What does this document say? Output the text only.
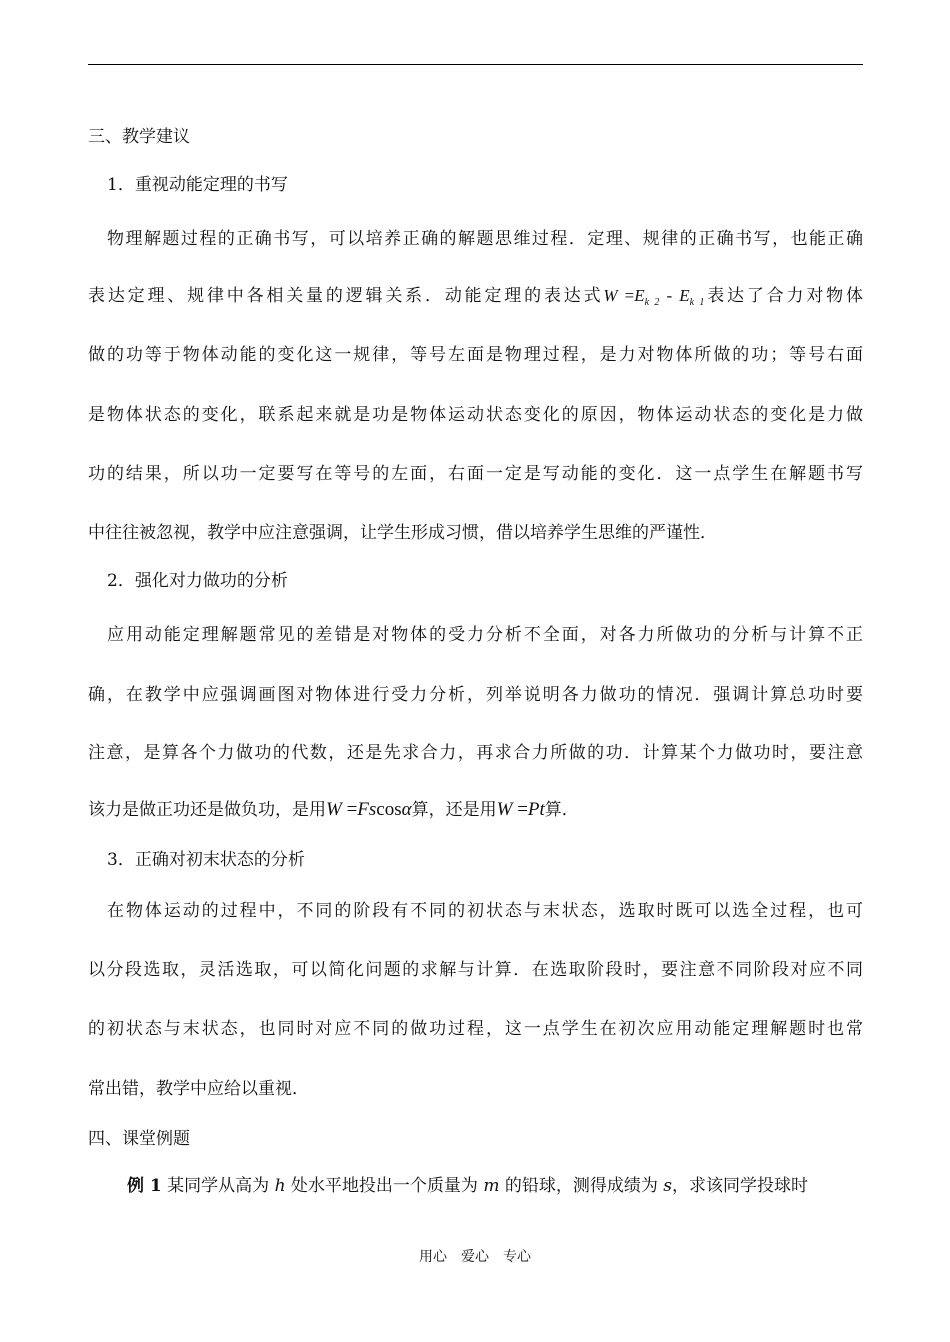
三、教学建议
1．重视动能定理的书写
物理解题过程的正确书写，可以培养正确的解题思维过程．定理、规律的正确书写，也能正确
表达定理、规律中各相关量的逻辑关系．动能定理的表达式$W =E_{k 2} - E_{k 1}$表达了合力对物体
做的功等于物体动能的变化这一规律，等号左面是物理过程，是力对物体所做的功；等号右面
是物体状态的变化，联系起来就是功是物体运动状态变化的原因，物体运动状态的变化是力做
功的结果，所以功一定要写在等号的左面，右面一定是写动能的变化．这一点学生在解题书写
中往往被忽视，教学中应注意强调，让学生形成习惯，借以培养学生思维的严谨性．
2．强化对力做功的分析
应用动能定理解题常见的差错是对物体的受力分析不全面，对各力所做功的分析与计算不正
确，在教学中应强调画图对物体进行受力分析，列举说明各力做功的情况．强调计算总功时要
注意，是算各个力做功的代数，还是先求合力，再求合力所做的功．计算某个力做功时，要注意
该力是做正功还是做负功，是用W =Fscosα算，还是用W =Pt算．
3．正确对初末状态的分析
在物体运动的过程中，不同的阶段有不同的初状态与末状态，选取时既可以选全过程，也可
以分段选取，灵活选取，可以简化问题的求解与计算．在选取阶段时，要注意不同阶段对应不同
的初状态与末状态，也同时对应不同的做功过程，这一点学生在初次应用动能定理解题时也常
常出错，教学中应给以重视．
四、课堂例题
例 1 某同学从高为 h 处水平地投出一个质量为 m 的铅球，测得成绩为 s，求该同学投球时
用心　爱心　专心
